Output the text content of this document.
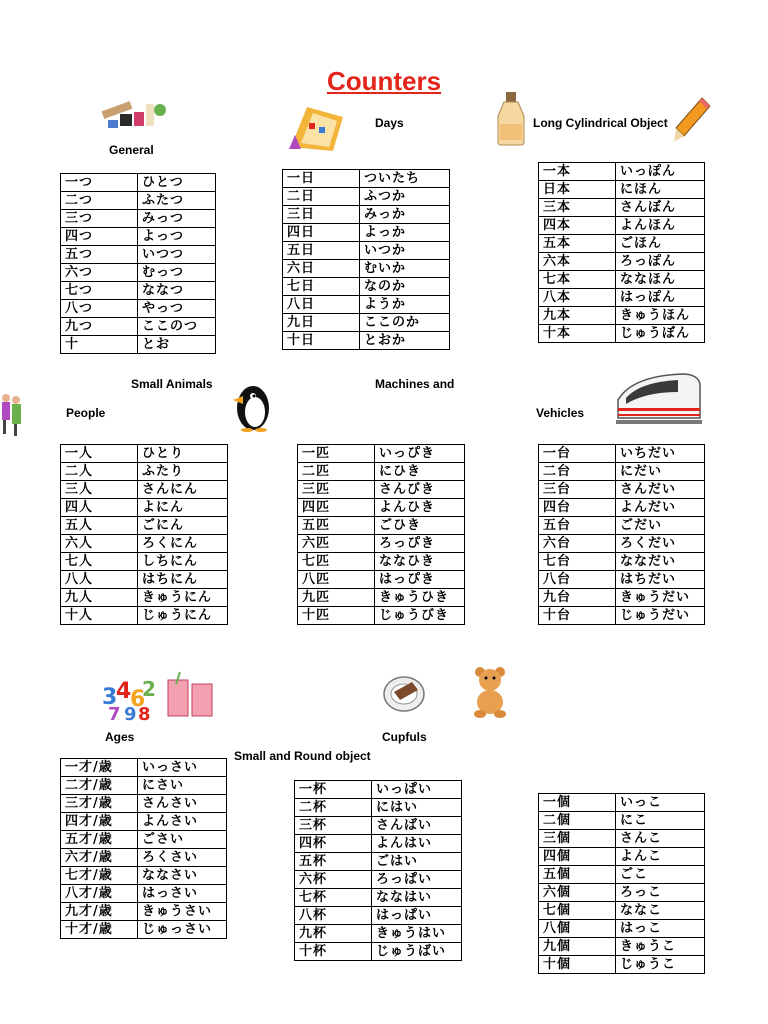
Counters
General
Days	Long Cylindrical Object
一つ	ひとつ
二つ	ふたつ
三つ	みっつ
四つ	よっつ
五つ	いつつ
六つ	むっつ
七つ	ななつ
八つ	やっつ
九つ	ここのつ
十	とお
一日	ついたち
二日	ふつか
三日	みっか
四日	よっか
五日	いつか
六日	むいか
七日	なのか
八日	ようか
九日	ここのか
十日	とおか
一本	いっぽん
日本	にほん
三本	さんぼん
四本	よんほん
五本	ごほん
六本	ろっぽん
七本	ななほん
八本	はっぽん
九本	きゅうほん
十本	じゅうぼん
Small Animals	Machines and
People	Vehicles
一人	ひとり
二人	ふたり
三人	さんにん
四人	よにん
五人	ごにん
六人	ろくにん
七人	しちにん
八人	はちにん
九人	きゅうにん
十人	じゅうにん
一匹	いっぴき
二匹	にひき
三匹	さんびき
四匹	よんひき
五匹	ごひき
六匹	ろっぴき
七匹	ななひき
八匹	はっぴき
九匹	きゅうひき
十匹	じゅうびき
一台	いちだい
二台	にだい
三台	さんだい
四台	よんだい
五台	ごだい
六台	ろくだい
七台	ななだい
八台	はちだい
九台	きゅうだい
十台	じゅうだい
3
4
6
2
7 9 8
Ages	Cupfuls
Small and Round object
一才/歳	いっさい
二才/歳	にさい
三才/歳	さんさい
四才/歳	よんさい
五才/歳	ごさい
六才/歳	ろくさい
七才/歳	ななさい
八才/歳	はっさい
九才/歳	きゅうさい
十才/歳	じゅっさい
一杯	いっぱい
二杯	にはい
三杯	さんばい
四杯	よんはい
五杯	ごはい
六杯	ろっぱい
七杯	ななはい
八杯	はっぱい
九杯	きゅうはい
十杯	じゅうばい
一個	いっこ
二個	にこ
三個	さんこ
四個	よんこ
五個	ごこ
六個	ろっこ
七個	ななこ
八個	はっこ
九個	きゅうこ
十個	じゅうこ
